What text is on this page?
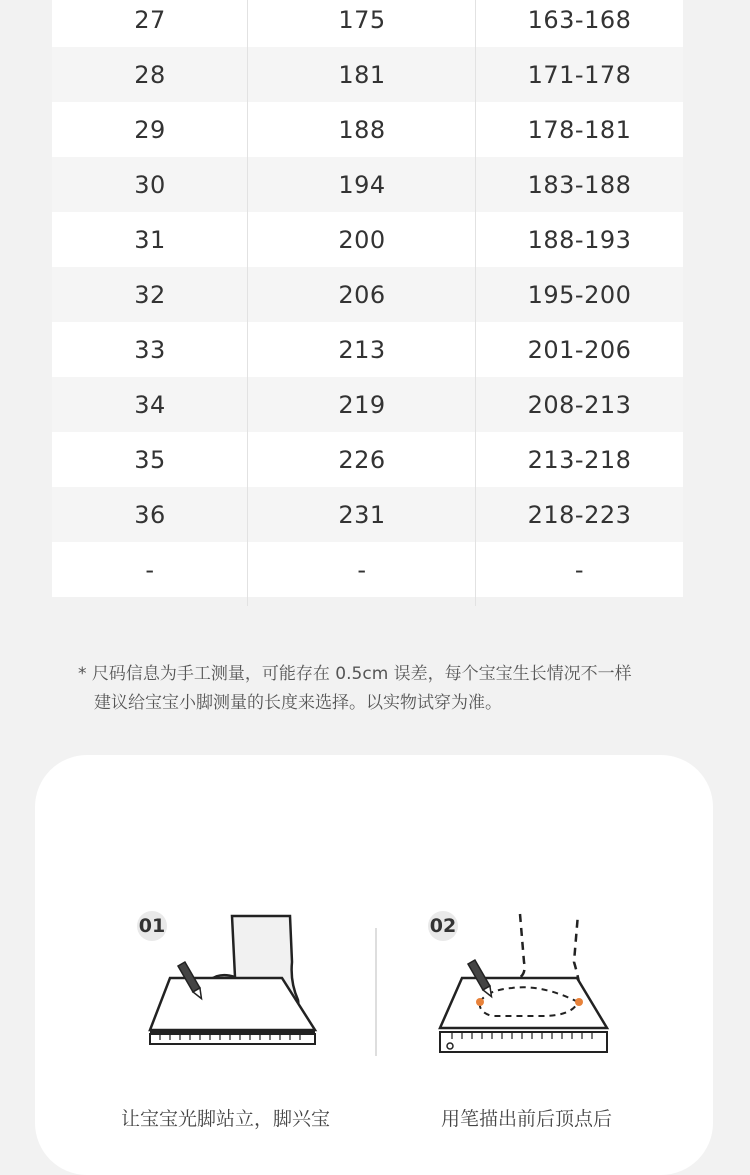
-	-	-
36	231	218-223
35	226	213-218
34	219	208-213
33	213	201-206
32	206	195-200
31	200	188-193
30	194	183-188
29	188	178-181
28	181	171-178
27	175	163-168
* 尺码信息为手工测量，可能存在 0.5cm 误差，每个宝宝生长情况不一样
建议给宝宝小脚测量的长度来选择。以实物试穿为准。
01	02
让宝宝光脚站立，脚兴宝	用笔描出前后顶点后
